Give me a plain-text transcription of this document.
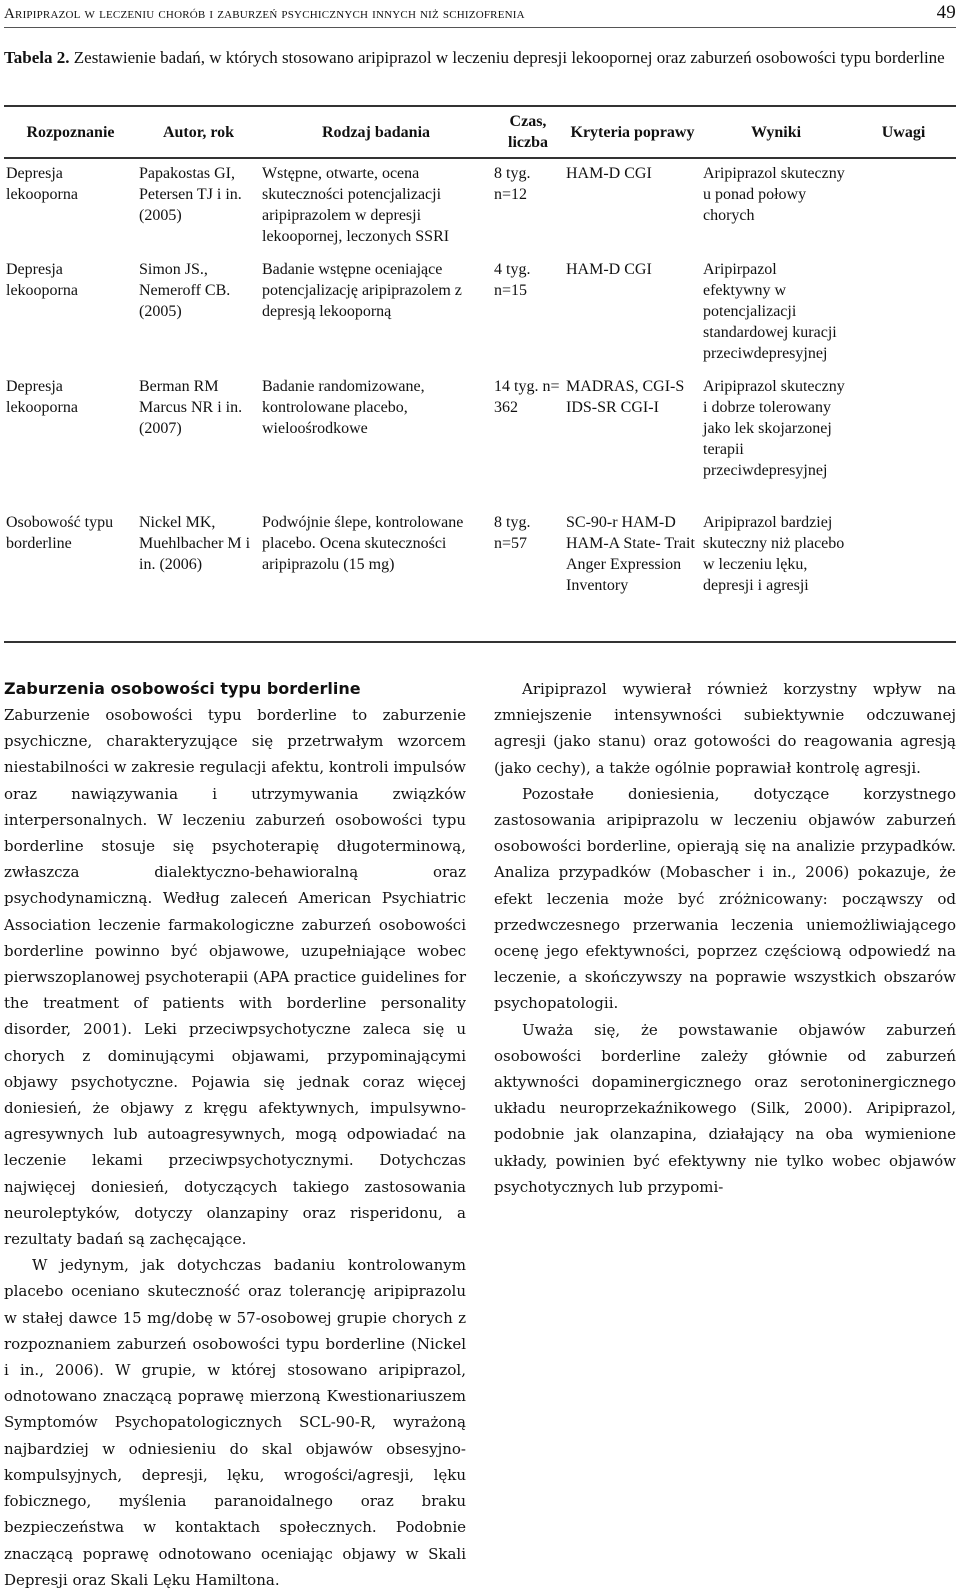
Aripiprazol w leczeniu chorób i zaburzeń psychicznych innych niż schizofrenia	49
Tabela 2. Zestawienie badań, w których stosowano aripiprazol w leczeniu depresji lekoopornej oraz zaburzeń osobowości typu borderline
Rozpoznanie	Autor, rok	Rodzaj badania	Czas, liczba	Kryteria poprawy	Wyniki	Uwagi
Depresja lekooporna	Papakostas GI, Petersen TJ i in. (2005)	Wstępne, otwarte, ocena skuteczności potencjalizacji aripiprazolem w depresji lekoopornej, leczonych SSRI	8 tyg. n=12	HAM-D CGI	Aripiprazol skuteczny u ponad połowy chorych	
Depresja lekooporna	Simon JS., Nemeroff CB. (2005)	Badanie wstępne oceniające potencjalizację aripiprazolem z depresją lekooporną	4 tyg. n=15	HAM-D CGI	Aripirpazol efektywny w potencjalizacji standardowej kuracji przeciwdepresyjnej	
Depresja lekooporna	Berman RM Marcus NR i in. (2007)	Badanie randomizowane, kontrolowane placebo, wieloośrodkowe	14 tyg. n= 362	MADRAS, CGI-S IDS-SR CGI-I	Aripiprazol skuteczny i dobrze tolerowany jako lek skojarzonej terapii przeciwdepresyjnej	
Osobowość typu borderline	Nickel MK, Muehlbacher M i in. (2006)	Podwójnie ślepe, kontrolowane placebo. Ocena skuteczności aripiprazolu (15 mg)	8 tyg. n=57	SC-90-r HAM-D HAM-A State- Trait Anger Expression Inventory	Aripiprazol bardziej skuteczny niż placebo w leczeniu lęku, depresji i agresji	
Zaburzenia osobowości typu borderline

Zaburzenie osobowości typu borderline to zaburzenie psychiczne, charakteryzujące się przetrwałym wzorcem niestabilności w zakresie regulacji afektu, kontroli impulsów oraz nawiązywania i utrzymywania związków interpersonalnych. W leczeniu zaburzeń osobowości typu borderline stosuje się psychoterapię długoterminową, zwłaszcza dialektyczno-behawioralną oraz psychodynamiczną. Według zaleceń American Psychiatric Association leczenie farmakologiczne zaburzeń osobowości borderline powinno być objawowe, uzupełniające wobec pierwszoplanowej psychoterapii (APA practice guidelines for the treatment of patients with borderline personality disorder, 2001). Leki przeciwpsychotyczne zaleca się u chorych z dominującymi objawami, przypominającymi objawy psychotyczne. Pojawia się jednak coraz więcej doniesień, że objawy z kręgu afektywnych, impulsywno-agresywnych lub autoagresywnych, mogą odpowiadać na leczenie lekami przeciwpsychotycznymi. Dotychczas najwięcej doniesień, dotyczących takiego zastosowania neuroleptyków, dotyczy olanzapiny oraz risperidonu, a rezultaty badań są zachęcające.

W jedynym, jak dotychczas badaniu kontrolowanym placebo oceniano skuteczność oraz tolerancję aripiprazolu w stałej dawce 15 mg/dobę w 57-osobowej grupie chorych z rozpoznaniem zaburzeń osobowości typu borderline (Nickel i in., 2006). W grupie, w której stosowano aripiprazol, odnotowano znaczącą poprawę mierzoną Kwestionariuszem Symptomów Psychopatologicznych SCL-90-R, wyrażoną najbardziej w odniesieniu do skal objawów obsesyjno-kompulsyjnych, depresji, lęku, wrogości/agresji, lęku fobicznego, myślenia paranoidalnego oraz braku bezpieczeństwa w kontaktach społecznych. Podobnie znaczącą poprawę odnotowano oceniając objawy w Skali Depresji oraz Skali Lęku Hamiltona.

Aripiprazol wywierał również korzystny wpływ na zmniejszenie intensywności subiektywnie odczuwanej agresji (jako stanu) oraz gotowości do reagowania agresją (jako cechy), a także ogólnie poprawiał kontrolę agresji.

Pozostałe doniesienia, dotyczące korzystnego zastosowania aripiprazolu w leczeniu objawów zaburzeń osobowości borderline, opierają się na analizie przypadków. Analiza przypadków (Mobascher i in., 2006) pokazuje, że efekt leczenia może być zróżnicowany: począwszy od przedwczesnego przerwania leczenia uniemożliwiającego ocenę jego efektywności, poprzez częściową odpowiedź na leczenie, a skończywszy na poprawie wszystkich obszarów psychopatologii.

Uważa się, że powstawanie objawów zaburzeń osobowości borderline zależy głównie od zaburzeń aktywności dopaminergicznego oraz serotoninergicznego układu neuroprzekaźnikowego (Silk, 2000). Aripiprazol, podobnie jak olanzapina, działający na oba wymienione układy, powinien być efektywny nie tylko wobec objawów psychotycznych lub przypomi-
